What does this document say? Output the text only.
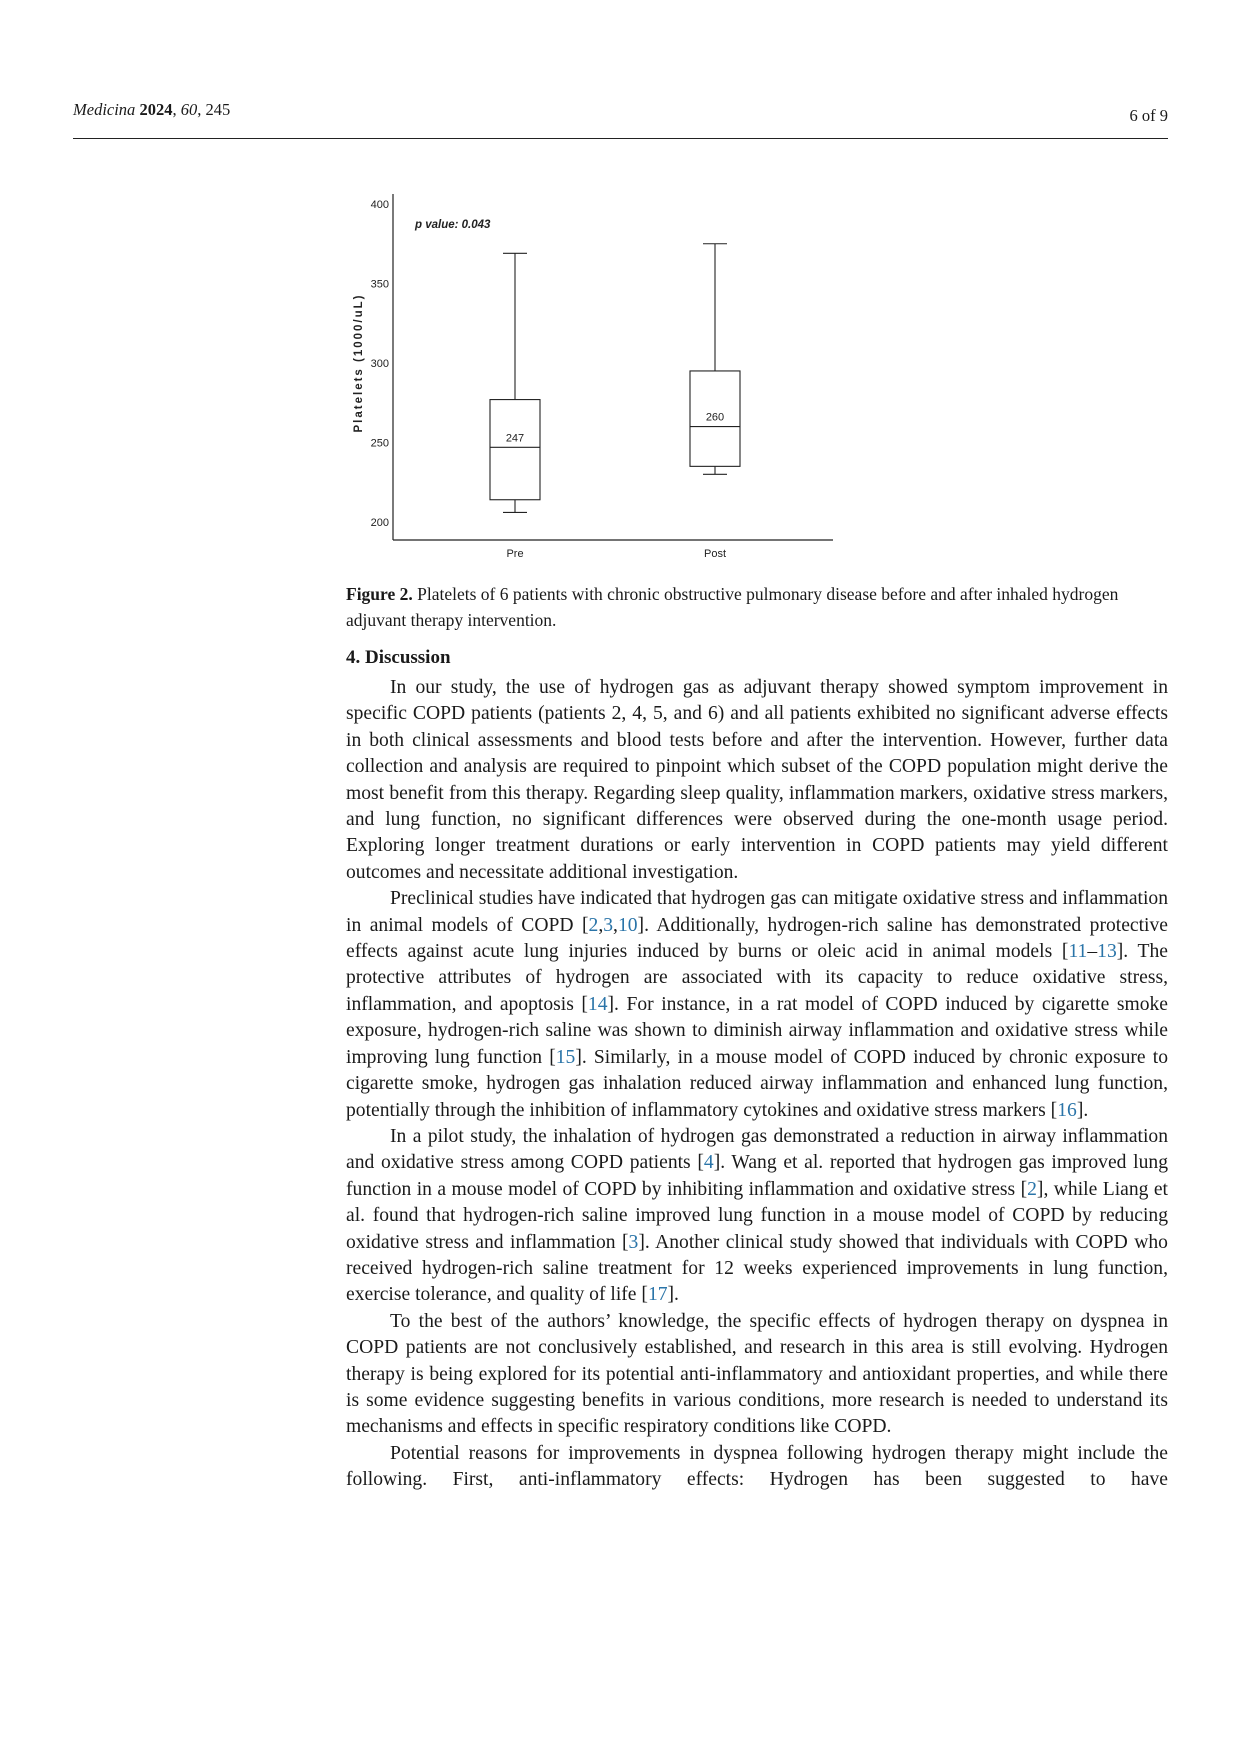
Medicina 2024, 60, 245	6 of 9
200
250
300
350
400
Platelets (1000/uL)
p value: 0.043
247
Pre
260
Post
Figure 2. Platelets of 6 patients with chronic obstructive pulmonary disease before and after inhaled hydrogen adjuvant therapy intervention.
4. Discussion

In our study, the use of hydrogen gas as adjuvant therapy showed symptom improvement in specific COPD patients (patients 2, 4, 5, and 6) and all patients exhibited no significant adverse effects in both clinical assessments and blood tests before and after the intervention. However, further data collection and analysis are required to pinpoint which subset of the COPD population might derive the most benefit from this therapy. Regarding sleep quality, inflammation markers, oxidative stress markers, and lung function, no significant differences were observed during the one-month usage period. Exploring longer treatment durations or early intervention in COPD patients may yield different outcomes and necessitate additional investigation.

Preclinical studies have indicated that hydrogen gas can mitigate oxidative stress and inflammation in animal models of COPD [2,3,10]. Additionally, hydrogen-rich saline has demonstrated protective effects against acute lung injuries induced by burns or oleic acid in animal models [11–13]. The protective attributes of hydrogen are associated with its capacity to reduce oxidative stress, inflammation, and apoptosis [14]. For instance, in a rat model of COPD induced by cigarette smoke exposure, hydrogen-rich saline was shown to diminish airway inflammation and oxidative stress while improving lung function [15]. Similarly, in a mouse model of COPD induced by chronic exposure to cigarette smoke, hydrogen gas inhalation reduced airway inflammation and enhanced lung function, potentially through the inhibition of inflammatory cytokines and oxidative stress markers [16].

In a pilot study, the inhalation of hydrogen gas demonstrated a reduction in airway inflammation and oxidative stress among COPD patients [4]. Wang et al. reported that hydrogen gas improved lung function in a mouse model of COPD by inhibiting inflammation and oxidative stress [2], while Liang et al. found that hydrogen-rich saline improved lung function in a mouse model of COPD by reducing oxidative stress and inflammation [3]. Another clinical study showed that individuals with COPD who received hydrogen-rich saline treatment for 12 weeks experienced improvements in lung function, exercise tolerance, and quality of life [17].

To the best of the authors’ knowledge, the specific effects of hydrogen therapy on dyspnea in COPD patients are not conclusively established, and research in this area is still evolving. Hydrogen therapy is being explored for its potential anti-inflammatory and antioxidant properties, and while there is some evidence suggesting benefits in various conditions, more research is needed to understand its mechanisms and effects in specific respiratory conditions like COPD.

Potential reasons for improvements in dyspnea following hydrogen therapy might include the following. First, anti-inflammatory effects: Hydrogen has been suggested to have
